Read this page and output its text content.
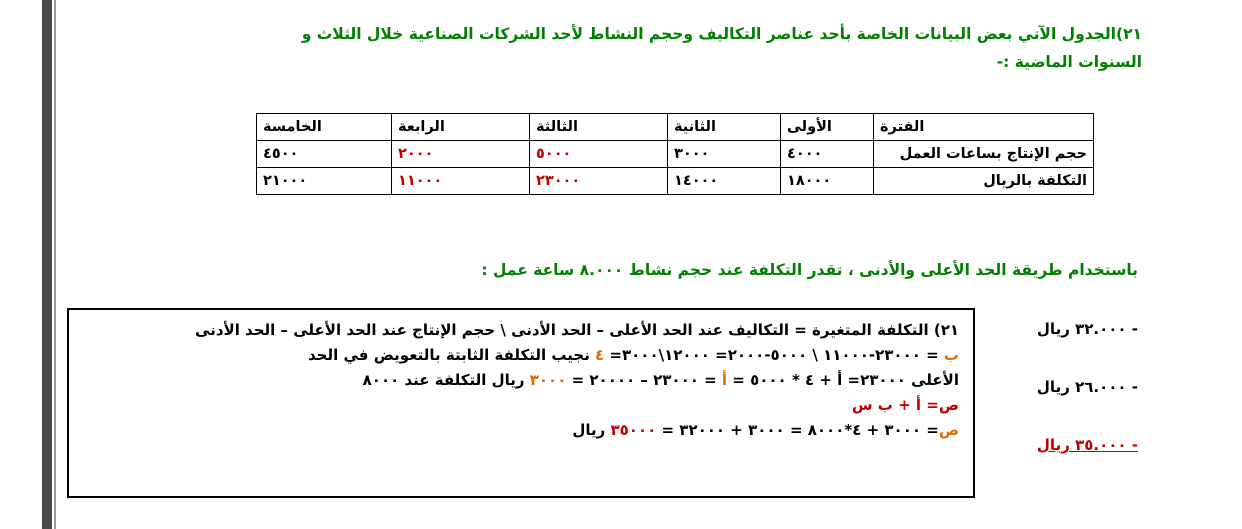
٢١)الجدول الآتي بعض البيانات الخاصة بأحد عناصر التكاليف وحجم النشاط لأحد الشركات الصناعية خلال الثلاث و
السنوات الماضية :-
الفترة	الأولى	الثانية	الثالثة	الرابعة	الخامسة
حجم الإنتاج بساعات العمل	٤٠٠٠	٣٠٠٠	٥٠٠٠	٢٠٠٠	٤٥٠٠
التكلفة بالريال	١٨٠٠٠	١٤٠٠٠	٢٣٠٠٠	١١٠٠٠	٢١٠٠٠
باستخدام طريقة الحد الأعلى والأدنى ، تقدر التكلفة عند حجم نشاط ٨.٠٠٠ ساعة عمل :
- ٣٢.٠٠٠ ريال
- ٢٦.٠٠٠ ريال
- ٣٥.٠٠٠ ريال
٢١) التكلفة المتغيرة = التكاليف عند الحد الأعلى – الحد الأدنى \ حجم الإنتاج عند الحد الأعلى – الحد الأدنى
ب = ٢٣٠٠٠-١١٠٠٠ \ ٥٠٠٠-٢٠٠٠= ١٢٠٠٠\٣٠٠٠= ٤ نجيب التكلفة الثابتة بالتعويض في الحد
الأعلى ٢٣٠٠٠= أ + ٤ * ٥٠٠٠ = أ = ٢٣٠٠٠ – ٢٠٠٠٠ = ٣٠٠٠ ريال التكلفة عند ٨٠٠٠
ص= أ + ب س
ص= ٣٠٠٠ + ٤*٨٠٠٠ = ٣٠٠٠ + ٣٢٠٠٠ = ٣٥٠٠٠ ريال
